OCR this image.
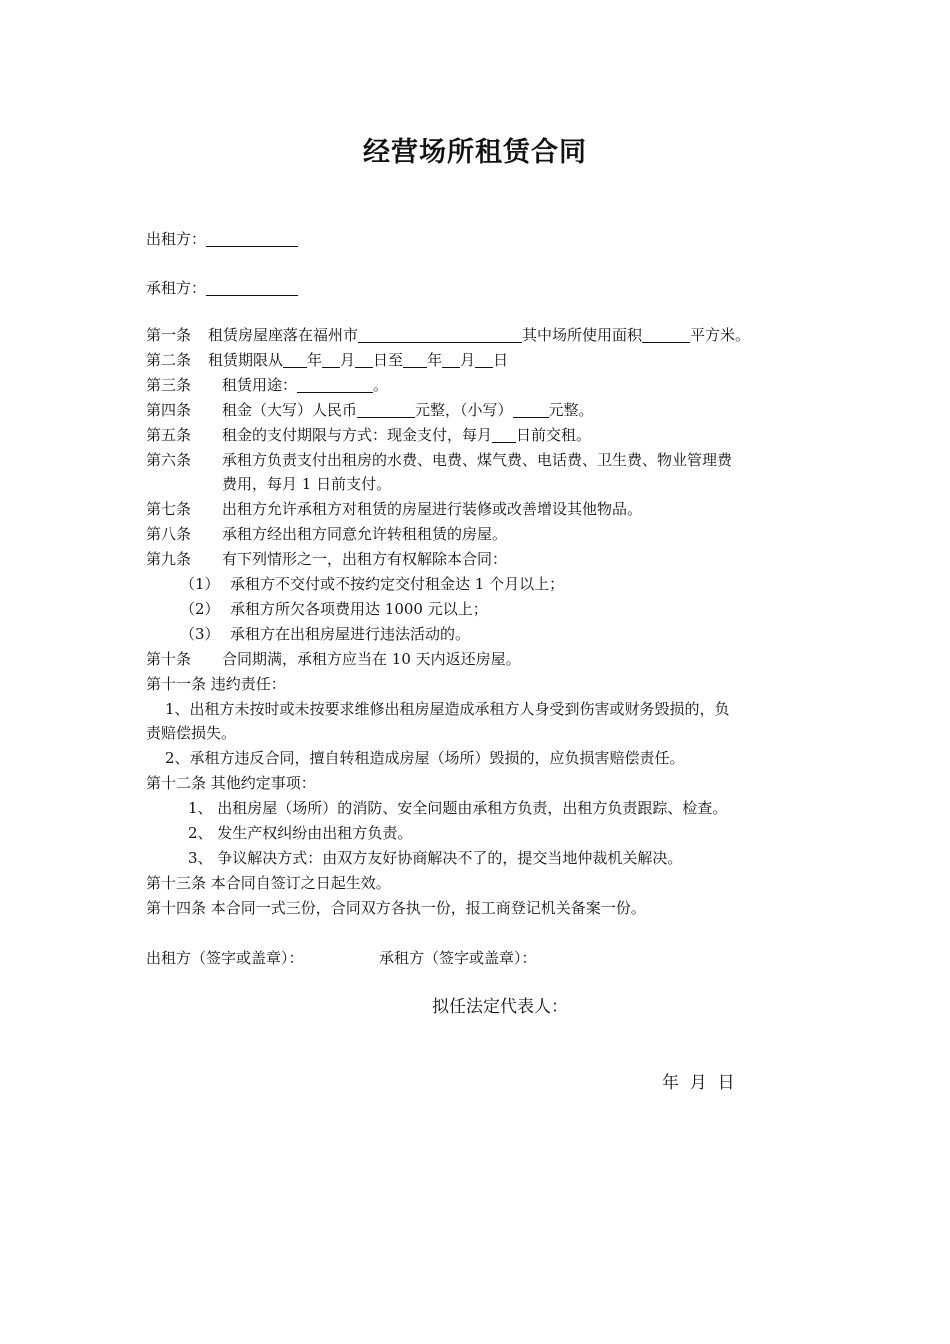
经营场所租赁合同
出租方：
承租方：
第一条 租赁房屋座落在福州市	其中场所使用面积	平方米。
第二条 租赁期限从 年 月 日至 年 月 日
第三条 租赁用途：	。
第四条 租金（大写）人民币	元整，（小写） 元整。
第五条 租金的支付期限与方式：现金支付，每月 日前交租。
第六条 承租方负责支付出租房的水费、电费、煤气费、电话费、卫生费、物业管理费
费用，每月 1 日前支付。
第七条 出租方允许承租方对租赁的房屋进行装修或改善增设其他物品。
第八条 承租方经出租方同意允许转租租赁的房屋。
第九条 有下列情形之一，出租方有权解除本合同：
（1） 承租方不交付或不按约定交付租金达 1 个月以上；
（2） 承租方所欠各项费用达 1000 元以上；
（3） 承租方在出租房屋进行违法活动的。
第十条 合同期满，承租方应当在 10 天内返还房屋。
第十一条 违约责任：
1、出租方未按时或未按要求维修出租房屋造成承租方人身受到伤害或财务毁损的，负
责赔偿损失。
2、承租方违反合同，擅自转租造成房屋（场所）毁损的，应负损害赔偿责任。
第十二条 其他约定事项：
1、 出租房屋（场所）的消防、安全问题由承租方负责，出租方负责跟踪、检查。
2、 发生产权纠纷由出租方负责。
3、 争议解决方式：由双方友好协商解决不了的，提交当地仲裁机关解决。
第十三条 本合同自签订之日起生效。
第十四条 本合同一式三份，合同双方各执一份，报工商登记机关备案一份。
出租方（签字或盖章）：	承租方（签字或盖章）：
拟任法定代表人：
年  月  日
